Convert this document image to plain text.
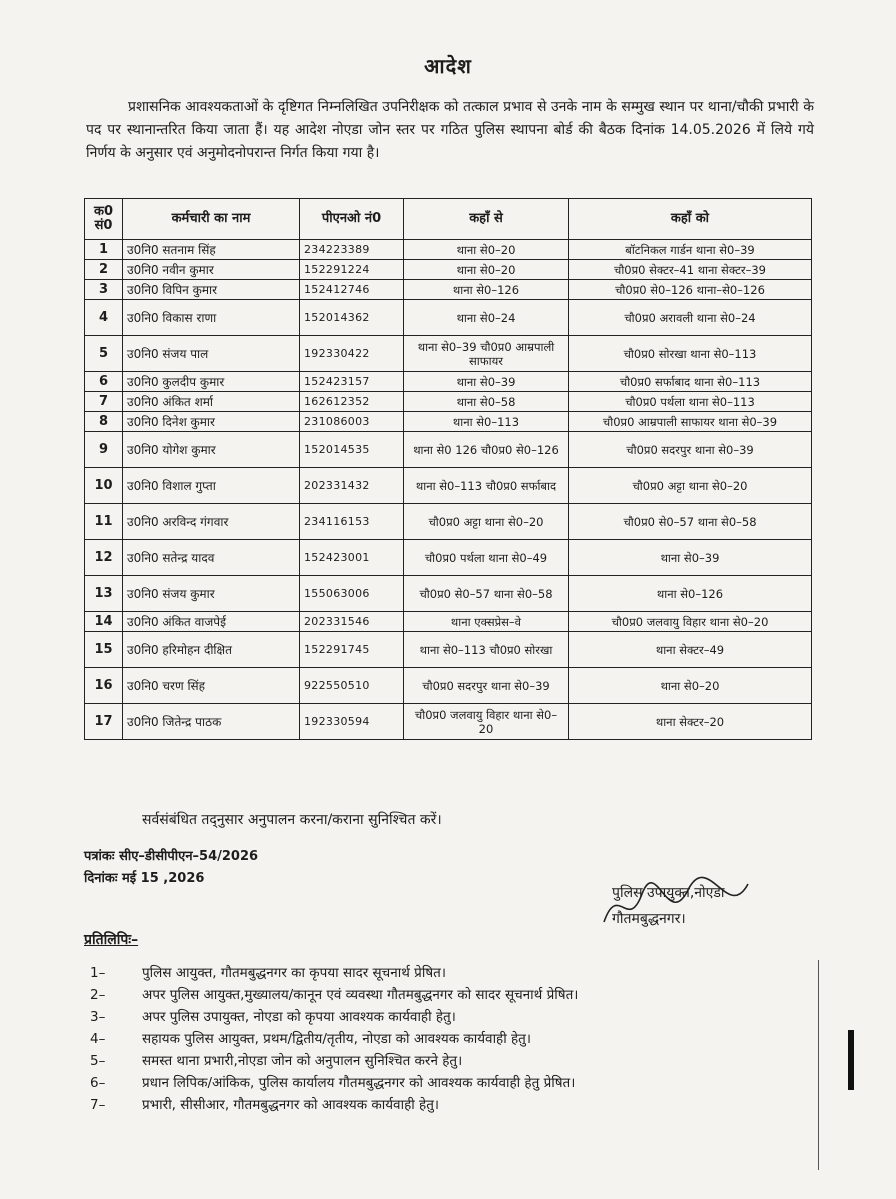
आदेश
प्रशासनिक आवश्यकताओं के दृष्टिगत निम्नलिखित उपनिरीक्षक को तत्काल प्रभाव से उनके नाम के सम्मुख स्थान पर थाना/चौकी प्रभारी के पद पर स्थानान्तरित किया जाता हैं। यह आदेश नोएडा जोन स्तर पर गठित पुलिस स्थापना बोर्ड की बैठक दिनांक 14.05.2026 में लिये गये निर्णय के अनुसार एवं अनुमोदनोपरान्त निर्गत किया गया है।
क0 सं0	कर्मचारी का नाम	पीएनओ नं0	कहाँ से	कहाँ को
1	उ0नि0 सतनाम सिंह	234223389	थाना से0–20	बॉटनिकल गार्डन थाना से0–39
2	उ0नि0 नवीन कुमार	152291224	थाना से0–20	चौ0प्र0 सेक्टर–41 थाना सेक्टर–39
3	उ0नि0 विपिन कुमार	152412746	थाना से0–126	चौ0प्र0 से0–126 थाना–से0–126
4	उ0नि0 विकास राणा	152014362	थाना से0–24	चौ0प्र0 अरावली थाना से0–24
5	उ0नि0 संजय पाल	192330422	थाना से0–39 चौ0प्र0 आम्रपाली साफायर	चौ0प्र0 सोरखा थाना से0–113
6	उ0नि0 कुलदीप कुमार	152423157	थाना से0–39	चौ0प्र0 सर्फाबाद थाना से0–113
7	उ0नि0 अंकित शर्मा	162612352	थाना से0–58	चौ0प्र0 पर्थला थाना से0–113
8	उ0नि0 दिनेश कुमार	231086003	थाना से0–113	चौ0प्र0 आम्रपाली साफायर थाना से0–39
9	उ0नि0 योगेश कुमार	152014535	थाना से0 126 चौ0प्र0 से0–126	चौ0प्र0 सदरपुर थाना से0–39
10	उ0नि0 विशाल गुप्ता	202331432	थाना से0–113 चौ0प्र0 सर्फाबाद	चौ0प्र0 अट्टा थाना से0–20
11	उ0नि0 अरविन्द गंगवार	234116153	चौ0प्र0 अट्टा थाना से0–20	चौ0प्र0 से0–57 थाना से0–58
12	उ0नि0 सतेन्द्र यादव	152423001	चौ0प्र0 पर्थला थाना से0–49	थाना से0–39
13	उ0नि0 संजय कुमार	155063006	चौ0प्र0 से0–57 थाना से0–58	थाना से0–126
14	उ0नि0 अंकित वाजपेई	202331546	थाना एक्सप्रेस–वे	चौ0प्र0 जलवायु विहार थाना से0–20
15	उ0नि0 हरिमोहन दीक्षित	152291745	थाना से0–113 चौ0प्र0 सोरखा	थाना सेक्टर–49
16	उ0नि0 चरण सिंह	922550510	चौ0प्र0 सदरपुर थाना से0–39	थाना से0–20
17	उ0नि0 जितेन्द्र पाठक	192330594	चौ0प्र0 जलवायु विहार थाना से0–20	थाना सेक्टर–20
सर्वसंबंधित तद्नुसार अनुपालन करना/कराना सुनिश्चित करें।
पत्रांकः सीए–डीसीपीएन–54/2026
दिनांकः मई 15 ,2026
पुलिस उपायुक्त,नोएडा
गौतमबुद्धनगर।
प्रतिलिपिः–
1–	पुलिस आयुक्त, गौतमबुद्धनगर का कृपया सादर सूचनार्थ प्रेषित।
2–	अपर पुलिस आयुक्त,मुख्यालय/कानून एवं व्यवस्था गौतमबुद्धनगर को सादर सूचनार्थ प्रेषित।
3–	अपर पुलिस उपायुक्त, नोएडा को कृपया आवश्यक कार्यवाही हेतु।
4–	सहायक पुलिस आयुक्त, प्रथम/द्वितीय/तृतीय, नोएडा को आवश्यक कार्यवाही हेतु।
5–	समस्त थाना प्रभारी,नोएडा जोन को अनुपालन सुनिश्चित करने हेतु।
6–	प्रधान लिपिक/आंकिक, पुलिस कार्यालय गौतमबुद्धनगर को आवश्यक कार्यवाही हेतु प्रेषित।
7–	प्रभारी, सीसीआर, गौतमबुद्धनगर को आवश्यक कार्यवाही हेतु।
